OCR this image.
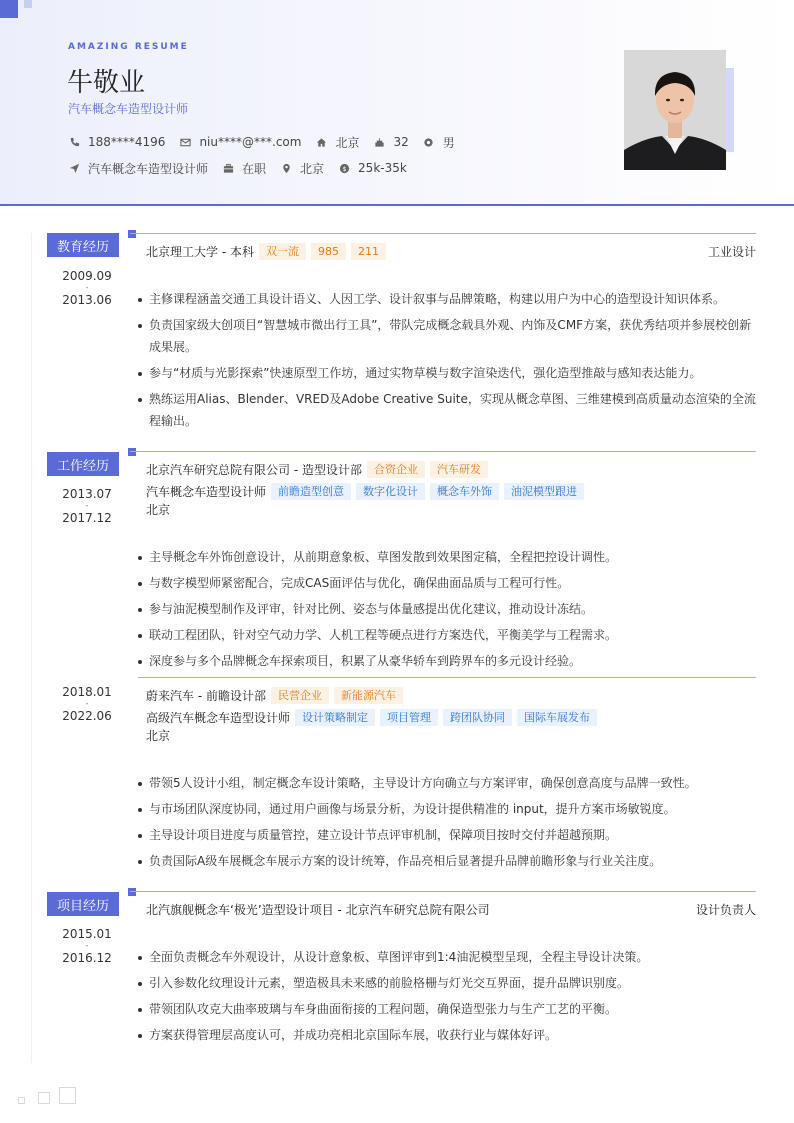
AMAZING RESUME
牛敬业
汽车概念车造型设计师
188****4196	niu****@***.com	北京	32	男
汽车概念车造型设计师	在职	北京	$ 25k-35k
教育经历
2009.09
-
2013.06
北京理工大学 - 本科	双一流	985	211	工业设计
主修课程涵盖交通工具设计语义、人因工学、设计叙事与品牌策略，构建以用户为中心的造型设计知识体系。
负责国家级大创项目“智慧城市微出行工具”，带队完成概念载具外观、内饰及CMF方案，获优秀结项并参展校创新成果展。
参与“材质与光影探索”快速原型工作坊，通过实物草模与数字渲染迭代，强化造型推敲与感知表达能力。
熟练运用Alias、Blender、VRED及Adobe Creative Suite，实现从概念草图、三维建模到高质量动态渲染的全流程输出。
工作经历
2013.07
-
2017.12
北京汽车研究总院有限公司 - 造型设计部	合资企业	汽车研发
汽车概念车造型设计师	前瞻造型创意	数字化设计	概念车外饰	油泥模型跟进
北京
主导概念车外饰创意设计，从前期意象板、草图发散到效果图定稿，全程把控设计调性。
与数字模型师紧密配合，完成CAS面评估与优化，确保曲面品质与工程可行性。
参与油泥模型制作及评审，针对比例、姿态与体量感提出优化建议，推动设计冻结。
联动工程团队，针对空气动力学、人机工程等硬点进行方案迭代，平衡美学与工程需求。
深度参与多个品牌概念车探索项目，积累了从豪华轿车到跨界车的多元设计经验。
2018.01
-
2022.06
蔚来汽车 - 前瞻设计部	民营企业	新能源汽车
高级汽车概念车造型设计师	设计策略制定	项目管理	跨团队协同	国际车展发布
北京
带领5人设计小组，制定概念车设计策略，主导设计方向确立与方案评审，确保创意高度与品牌一致性。
与市场团队深度协同，通过用户画像与场景分析，为设计提供精准的 input，提升方案市场敏锐度。
主导设计项目进度与质量管控，建立设计节点评审机制，保障项目按时交付并超越预期。
负责国际A级车展概念车展示方案的设计统筹，作品亮相后显著提升品牌前瞻形象与行业关注度。
项目经历
2015.01
-
2016.12
北汽旗舰概念车‘极光’造型设计项目 - 北京汽车研究总院有限公司	设计负责人
全面负责概念车外观设计，从设计意象板、草图评审到1:4油泥模型呈现，全程主导设计决策。
引入参数化纹理设计元素，塑造极具未来感的前脸格栅与灯光交互界面，提升品牌识别度。
带领团队攻克大曲率玻璃与车身曲面衔接的工程问题，确保造型张力与生产工艺的平衡。
方案获得管理层高度认可，并成功亮相北京国际车展，收获行业与媒体好评。
